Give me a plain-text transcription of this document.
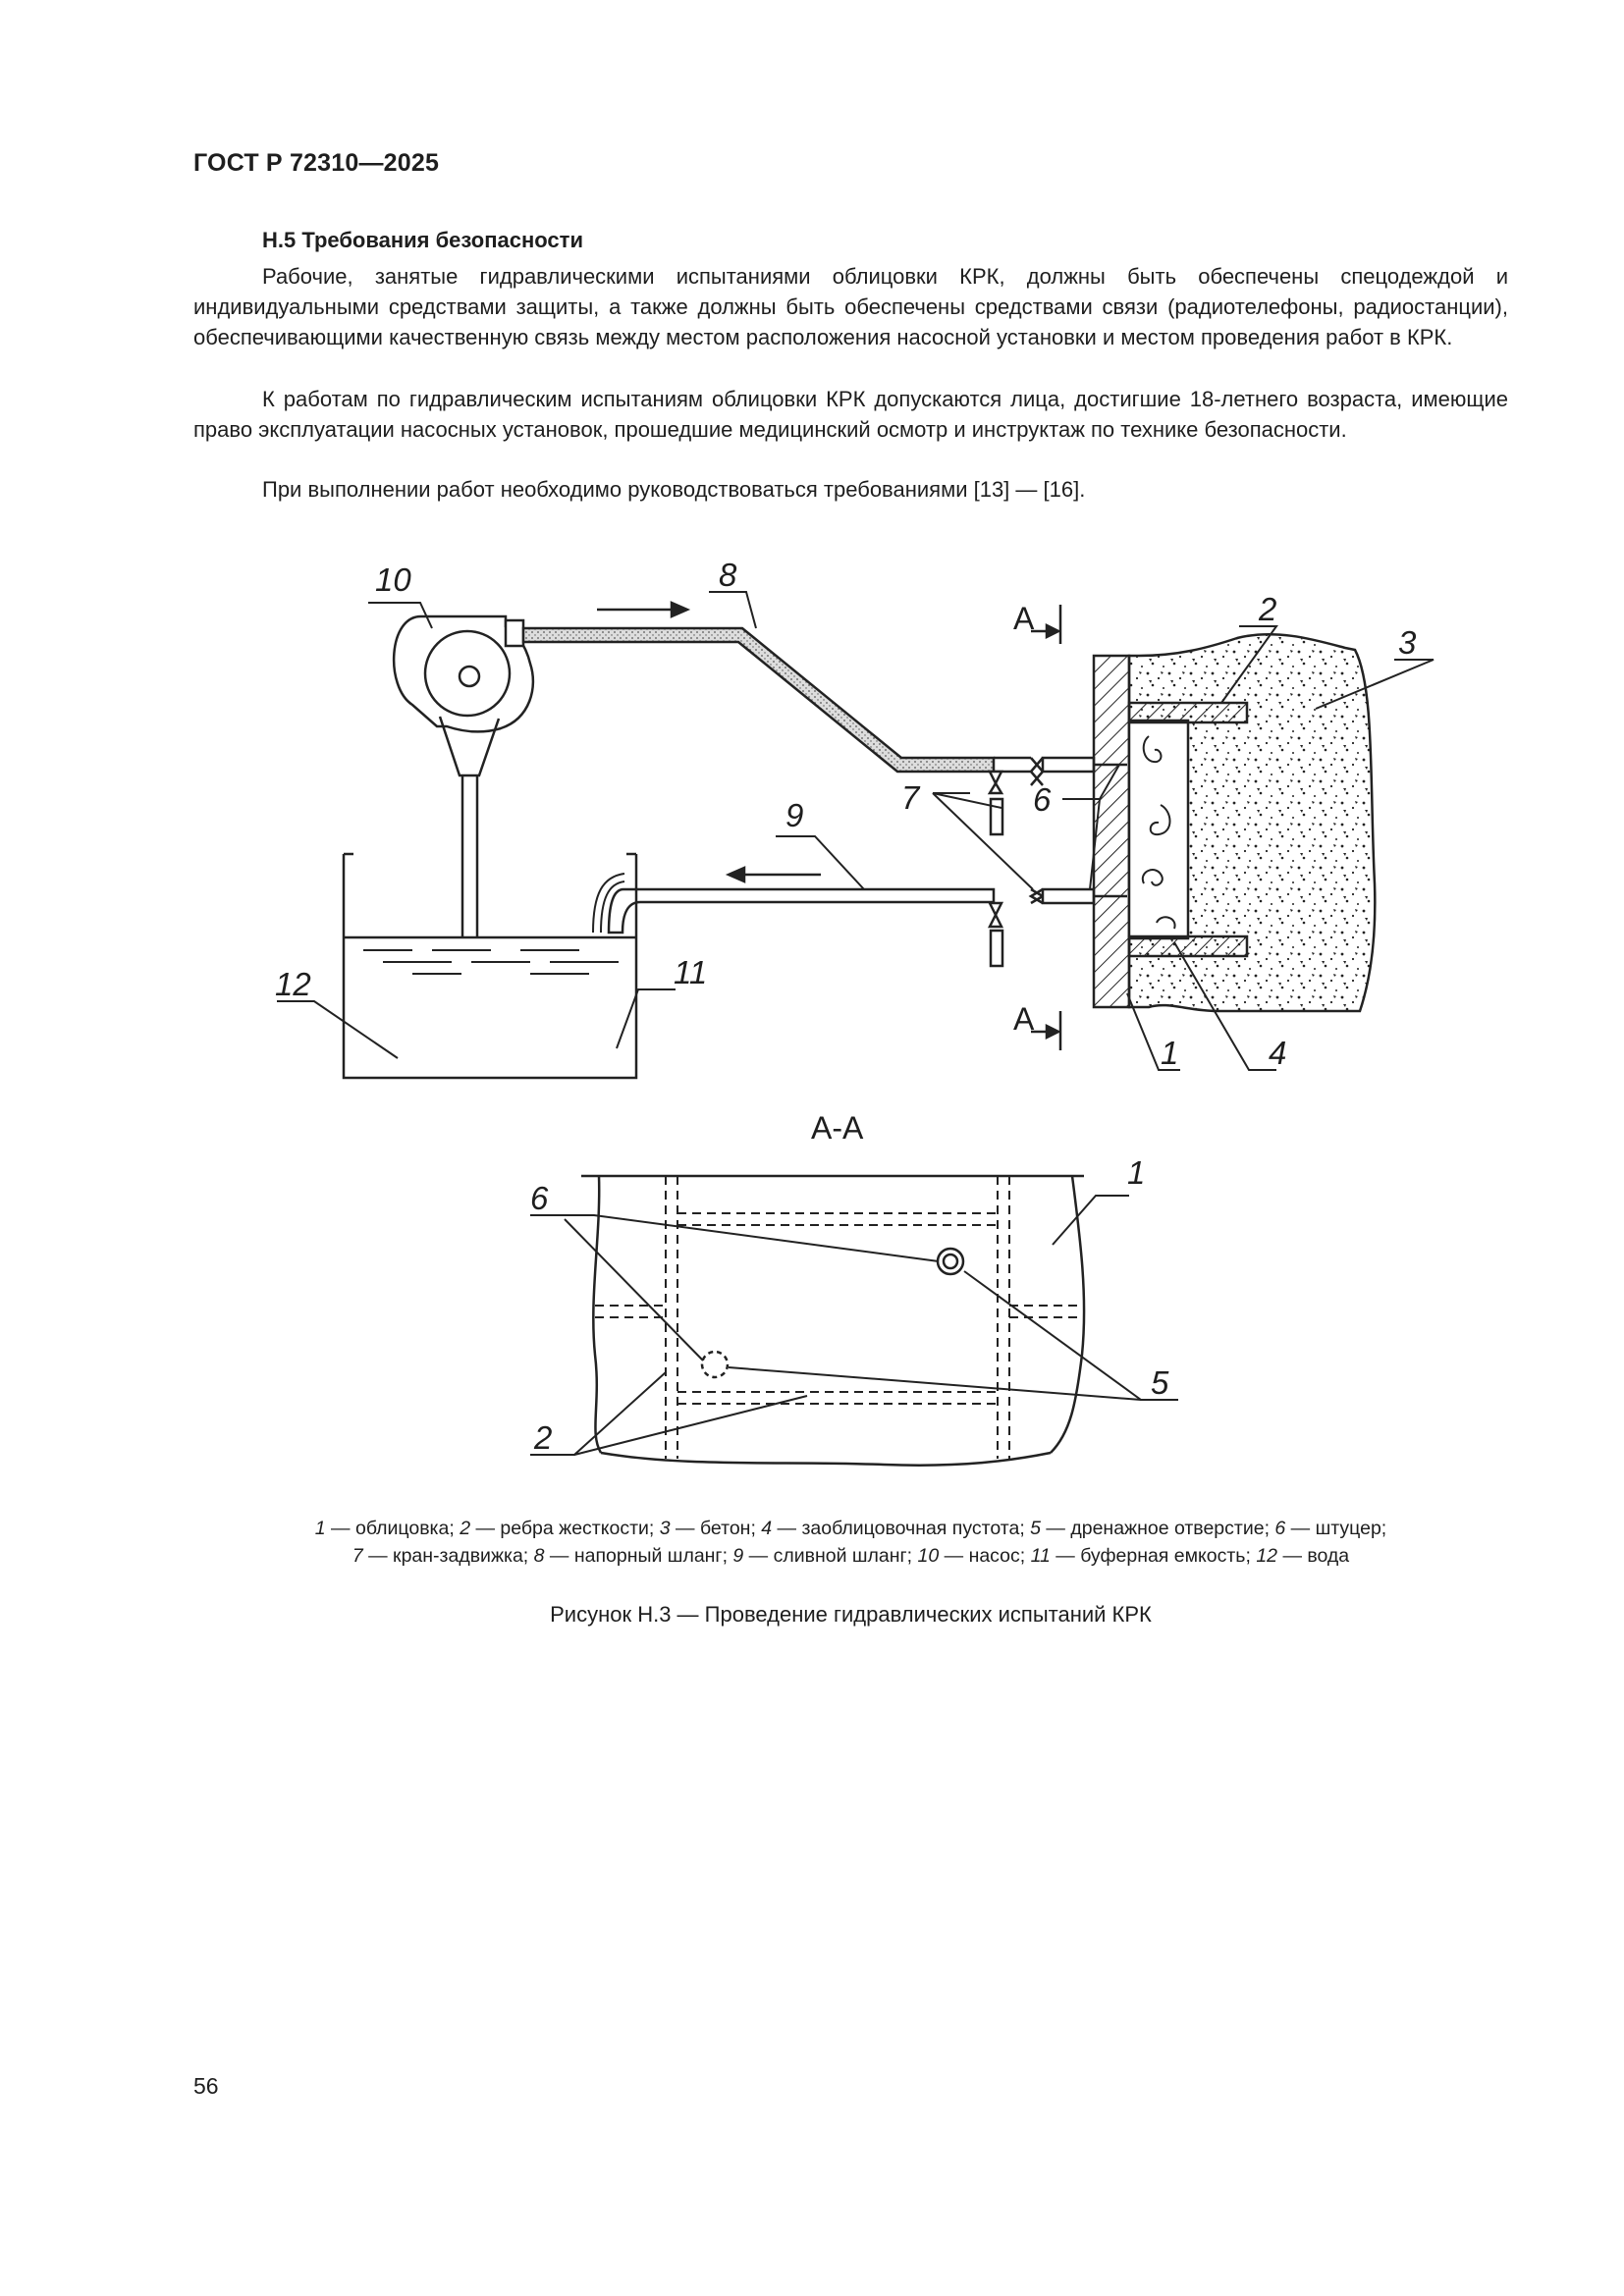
ГОСТ Р 72310—2025
Н.5 Требования безопасности

Рабочие, занятые гидравлическими испытаниями облицовки КРК, должны быть обеспечены спецодеждой и индивидуальными средствами защиты, а также должны быть обеспечены средствами связи (радиотелефоны, радиостанции), обеспечивающими качественную связь между местом расположения насосной установки и местом проведения работ в КРК.

К работам по гидравлическим испытаниям облицовки КРК допускаются лица, достигшие 18-летнего возраста, имеющие право эксплуатации насосных установок, прошедшие медицинский осмотр и инструктаж по технике безопасности.

При выполнении работ необходимо руководствоваться требованиями [13] — [16].

А
А
10	8
2
3
6
7
9
11
12
1	4
А-А
6
1
5
2

1 — облицовка; 2 — ребра жесткости; 3 — бетон; 4 — заоблицовочная пустота; 5 — дренажное отверстие; 6 — штуцер;

7 — кран-задвижка; 8 — напорный шланг; 9 — сливной шланг; 10 — насос; 11 — буферная емкость; 12 — вода

Рисунок Н.3 — Проведение гидравлических испытаний КРК
56
